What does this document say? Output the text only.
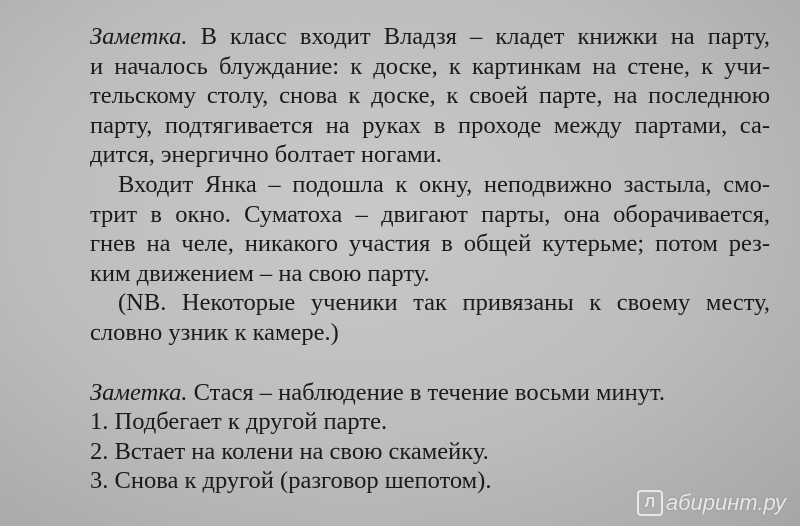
Заметка. В класс входит Владзя – кладет книжки на парту,
и началось блуждание: к доске, к картинкам на стене, к учи-
тельскому столу, снова к доске, к своей парте, на последнюю
парту, подтягивается на руках в проходе между партами, са-
дится, энергично болтает ногами.
Входит Янка – подошла к окну, неподвижно застыла, смо-
трит в окно. Суматоха – двигают парты, она оборачивается,
гнев на челе, никакого участия в общей кутерьме; потом рез-
ким движением – на свою парту.
(NB. Некоторые ученики так привязаны к своему месту,
словно узник к камере.)
Заметка. Стася – наблюдение в течение восьми минут.
1. Подбегает к другой парте.
2. Встает на колени на свою скамейку.
3. Снова к другой (разговор шепотом).
Л абиринт.ру
